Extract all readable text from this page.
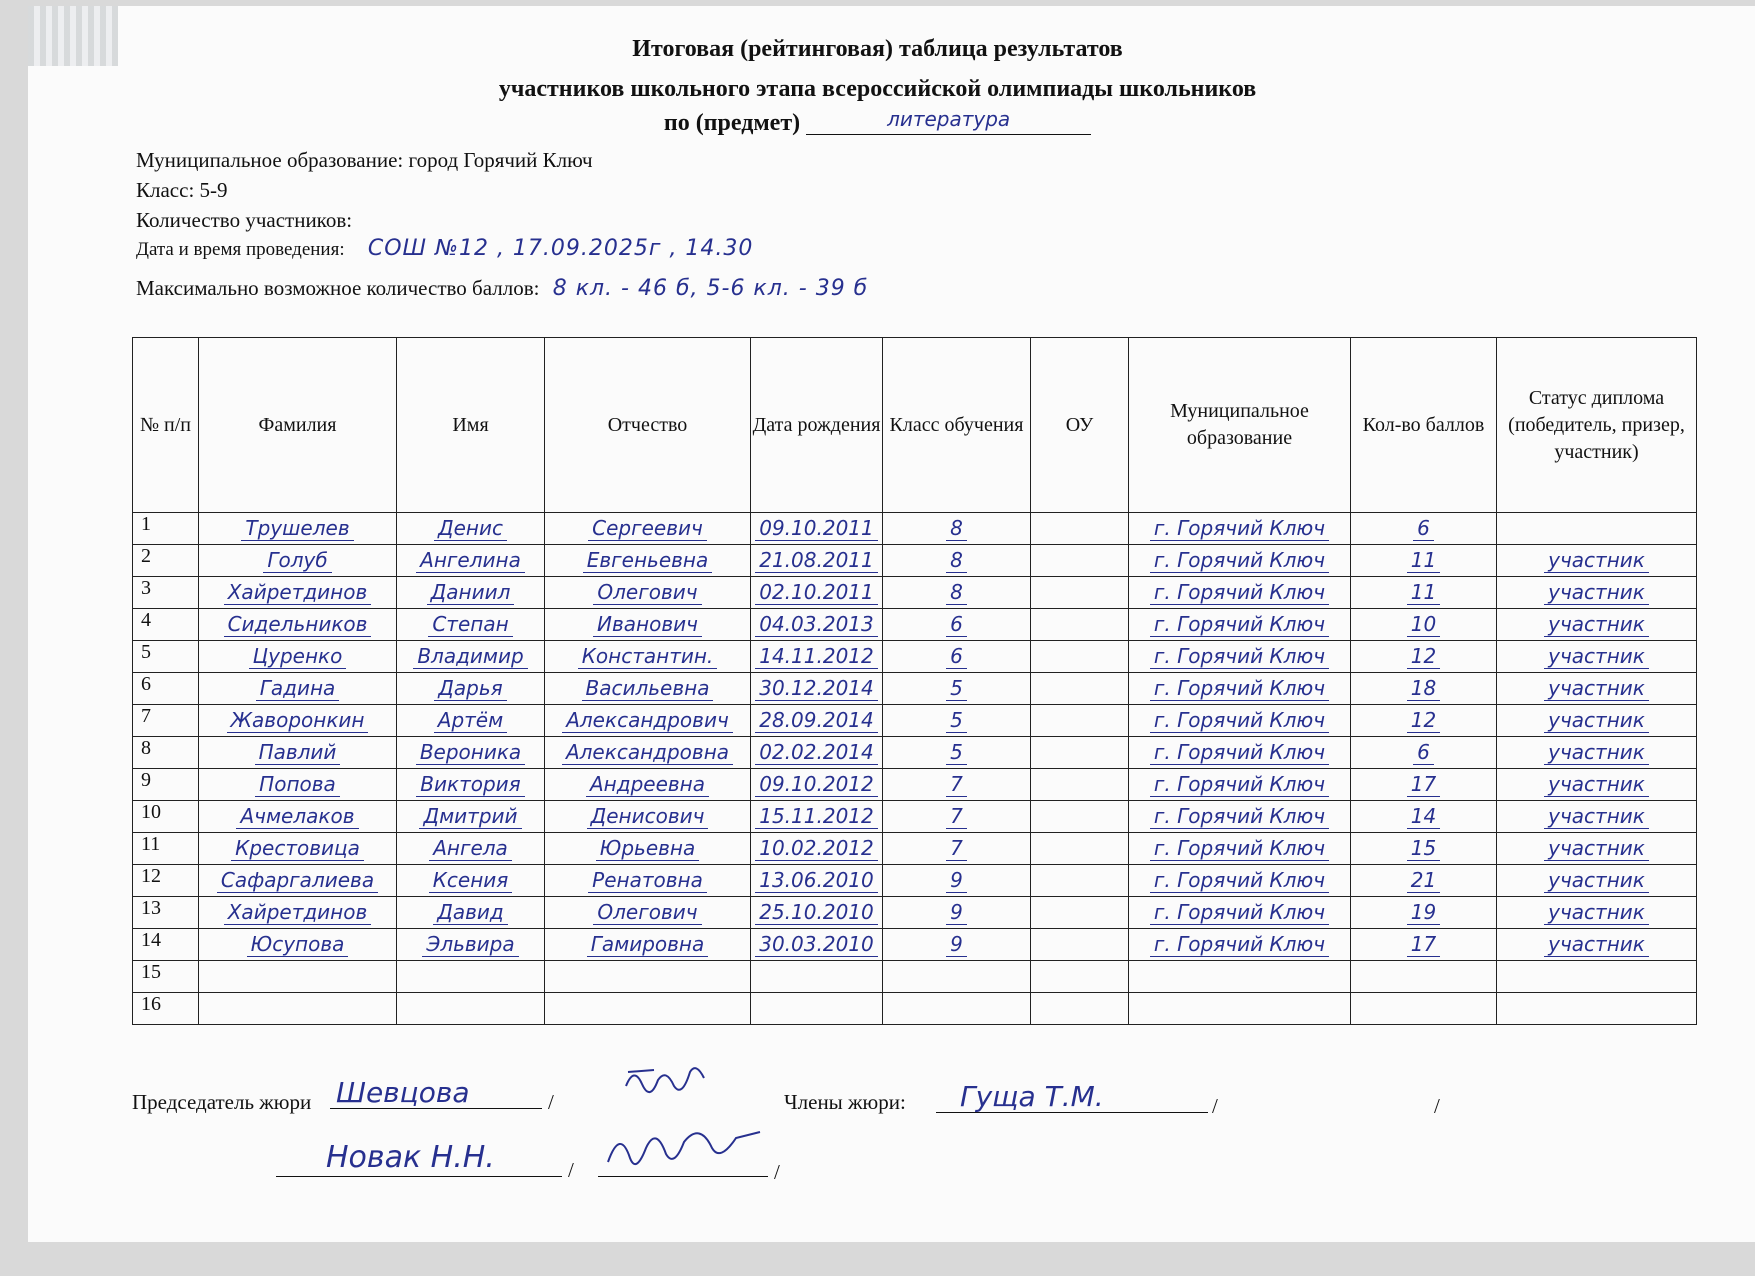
Итоговая (рейтинговая) таблица результатов
участников школьного этапа всероссийской олимпиады школьников
по (предмет)	литература
Муниципальное образование: город Горячий Ключ
Класс: 5-9
Количество участников:
Дата и время проведения: СОШ №12 , 17.09.2025г , 14.30
Максимально возможное количество баллов: 8 кл. - 46 б, 5-6 кл. - 39 б
№ п/п	Фамилия	Имя	Отчество	Дата рождения	Класс обучения	ОУ	Муниципальное образование	Кол-во баллов	Статус диплома (победитель, призер, участник)
1	Трушелев	Денис	Сергеевич	09.10.2011	8		г. Горячий Ключ	6	
2	Голуб	Ангелина	Евгеньевна	21.08.2011	8		г. Горячий Ключ	11	участник
3	Хайретдинов	Даниил	Олегович	02.10.2011	8		г. Горячий Ключ	11	участник
4	Сидельников	Степан	Иванович	04.03.2013	6		г. Горячий Ключ	10	участник
5	Цуренко	Владимир	Константин.	14.11.2012	6		г. Горячий Ключ	12	участник
6	Гадина	Дарья	Васильевна	30.12.2014	5		г. Горячий Ключ	18	участник
7	Жаворонкин	Артём	Александрович	28.09.2014	5		г. Горячий Ключ	12	участник
8	Павлий	Вероника	Александровна	02.02.2014	5		г. Горячий Ключ	6	участник
9	Попова	Виктория	Андреевна	09.10.2012	7		г. Горячий Ключ	17	участник
10	Ачмелаков	Дмитрий	Денисович	15.11.2012	7		г. Горячий Ключ	14	участник
11	Крестовица	Ангела	Юрьевна	10.02.2012	7		г. Горячий Ключ	15	участник
12	Сафаргалиева	Ксения	Ренатовна	13.06.2010	9		г. Горячий Ключ	21	участник
13	Хайретдинов	Давид	Олегович	25.10.2010	9		г. Горячий Ключ	19	участник
14	Юсупова	Эльвира	Гамировна	30.03.2010	9		г. Горячий Ключ	17	участник
15									
16									
Председатель жюри Шевцова	/	Члены жюри: Гуща Т.М.	/	/
Новак Н.Н.	/	/
